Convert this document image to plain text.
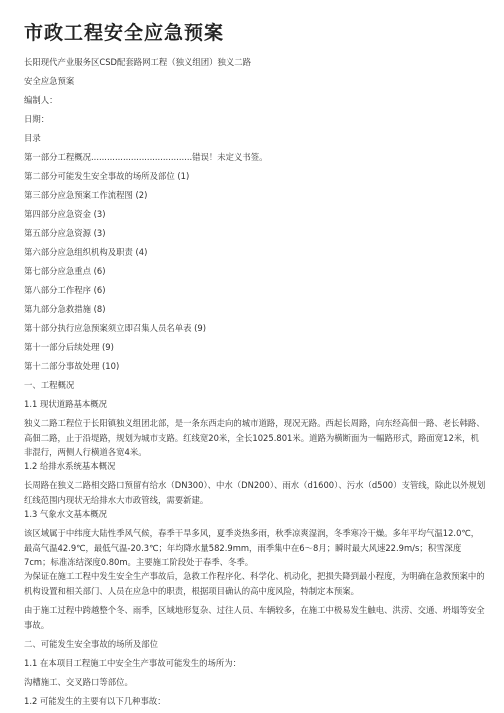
市政工程安全应急预案

长阳现代产业服务区CSD配套路网工程（独义组团）独义二路

安全应急预案

编制人：

日期：

目录

第一部分工程概况......................................错误！未定义书签。

第二部分可能发生安全事故的场所及部位 (1)

第三部分应急预案工作流程图 (2)

第四部分应急资金 (3)

第五部分应急资源 (3)

第六部分应急组织机构及职责 (4)

第七部分应急重点 (6)

第八部分工作程序 (6)

第九部分急救措施 (8)

第十部分执行应急预案须立即召集人员名单表 (9)

第十一部分后续处理 (9)

第十二部分事故处理 (10)

一、工程概况

1.1 现状道路基本概况

独义二路工程位于长阳镇独义组团北部，是一条东西走向的城市道路，现况无路。西起长周路，向东经高佃一路、老长韩路、高佃二路，止于沿堤路，规划为城市支路。红线宽20米，全长1025.801米。道路为横断面为一幅路形式，路面宽12米，机非混行，两侧人行横道各宽4米。

1.2 给排水系统基本概况

长周路在独义二路相交路口预留有给水（DN300）、中水（DN200）、雨水（d1600）、污水（d500）支管线，除此以外规划红线范围内现状无给排水大市政管线，需要新建。

1.3 气象水文基本概况

该区域属于中纬度大陆性季风气候，春季干旱多风，夏季炎热多雨，秋季凉爽湿润，冬季寒冷干燥。多年平均气温12.0℃，最高气温42.9℃，最低气温-20.3℃；年均降水量582.9mm，雨季集中在6～8月；瞬时最大风速22.9m/s；积雪深度7cm；标准冻结深度0.80m。主要施工阶段处于春季、冬季。

为保证在施工工程中发生安全生产事故后，急救工作程序化、科学化、机动化，把损失降到最小程度，为明确在急救预案中的机构设置和相关部门、人员在应急中的职责，根据项目确认的高中度风险，特制定本预案。

由于施工过程中跨越整个冬、雨季，区域地形复杂、过往人员、车辆较多，在施工中极易发生触电、洪涝、交通、坍塌等安全事故。

二、可能发生安全事故的场所及部位

1.1 在本项目工程施工中安全生产事故可能发生的场所为：

沟槽施工、交叉路口等部位。

1.2 可能发生的主要有以下几种事故：
